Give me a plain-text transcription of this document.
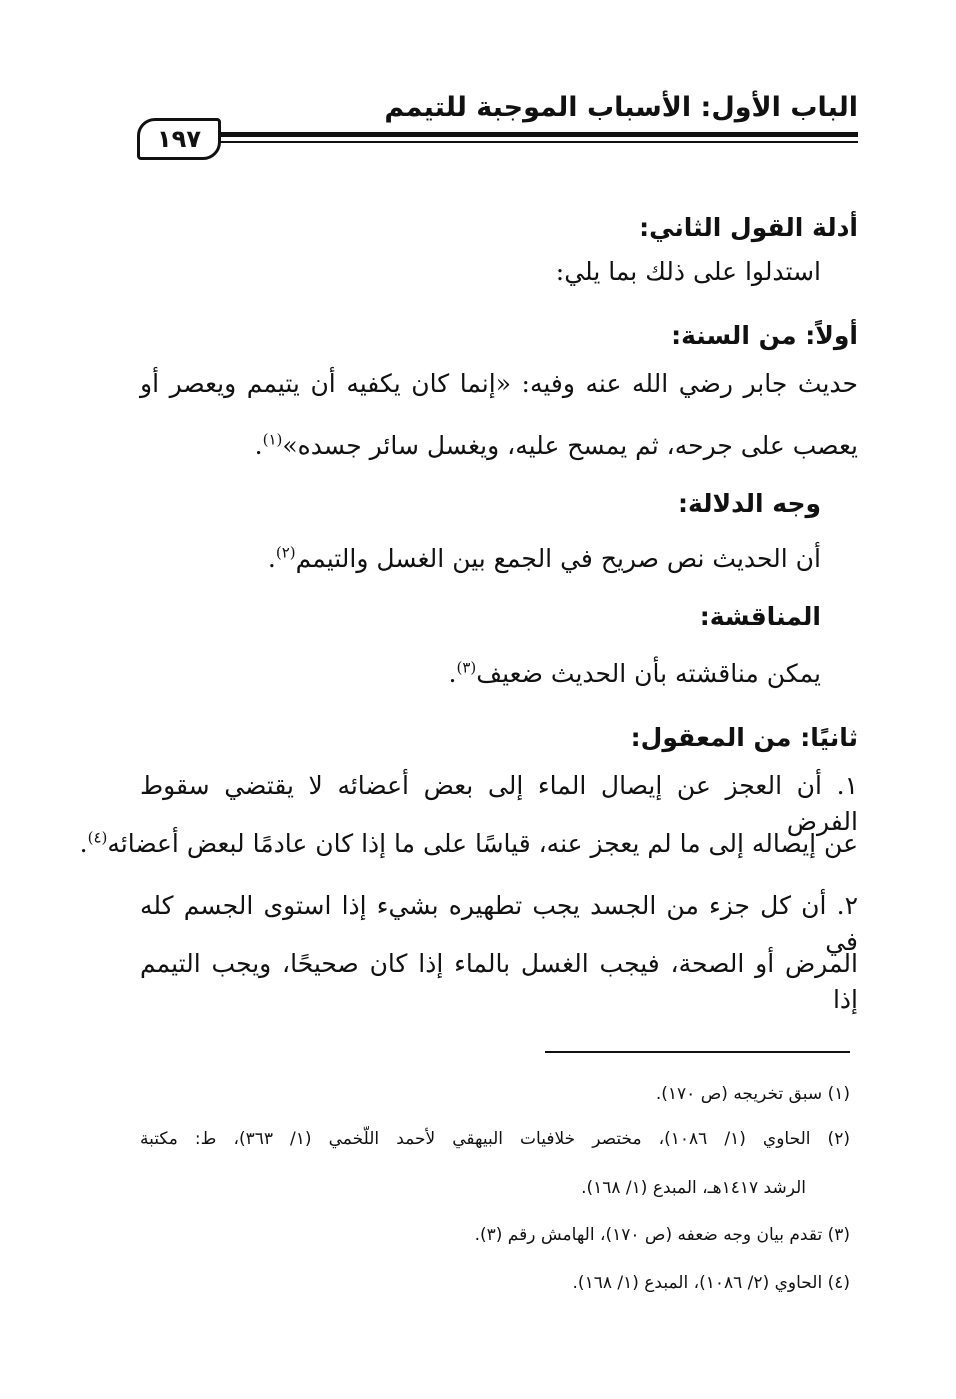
الباب الأول: الأسباب الموجبة للتيمم
١٩٧
أدلة القول الثاني:
استدلوا على ذلك بما يلي:
أولاً: من السنة:
حديث جابر رضي الله عنه وفيه: «إنما كان يكفيه أن يتيمم ويعصر أو
يعصب على جرحه، ثم يمسح عليه، ويغسل سائر جسده»$^{(١)}$.
وجه الدلالة:
أن الحديث نص صريح في الجمع بين الغسل والتيمم$^{(٢)}$.
المناقشة:
يمكن مناقشته بأن الحديث ضعيف$^{(٣)}$.
ثانيًا: من المعقول:
١. أن العجز عن إيصال الماء إلى بعض أعضائه لا يقتضي سقوط الفرض
عن إيصاله إلى ما لم يعجز عنه، قياسًا على ما إذا كان عادمًا لبعض أعضائه$^{(٤)}$.
٢. أن كل جزء من الجسد يجب تطهيره بشيء إذا استوى الجسم كله في
المرض أو الصحة، فيجب الغسل بالماء إذا كان صحيحًا، ويجب التيمم إذا
(١) سبق تخريجه (ص ١٧٠).
(٢) الحاوي (١/ ١٠٨٦)، مختصر خلافيات البيهقي لأحمد اللّخمي (١/ ٣٦٣)، ط: مكتبة
الرشد ١٤١٧هـ، المبدع (١/ ١٦٨).
(٣) تقدم بيان وجه ضعفه (ص ١٧٠)، الهامش رقم (٣).
(٤) الحاوي (٢/ ١٠٨٦)، المبدع (١/ ١٦٨).
